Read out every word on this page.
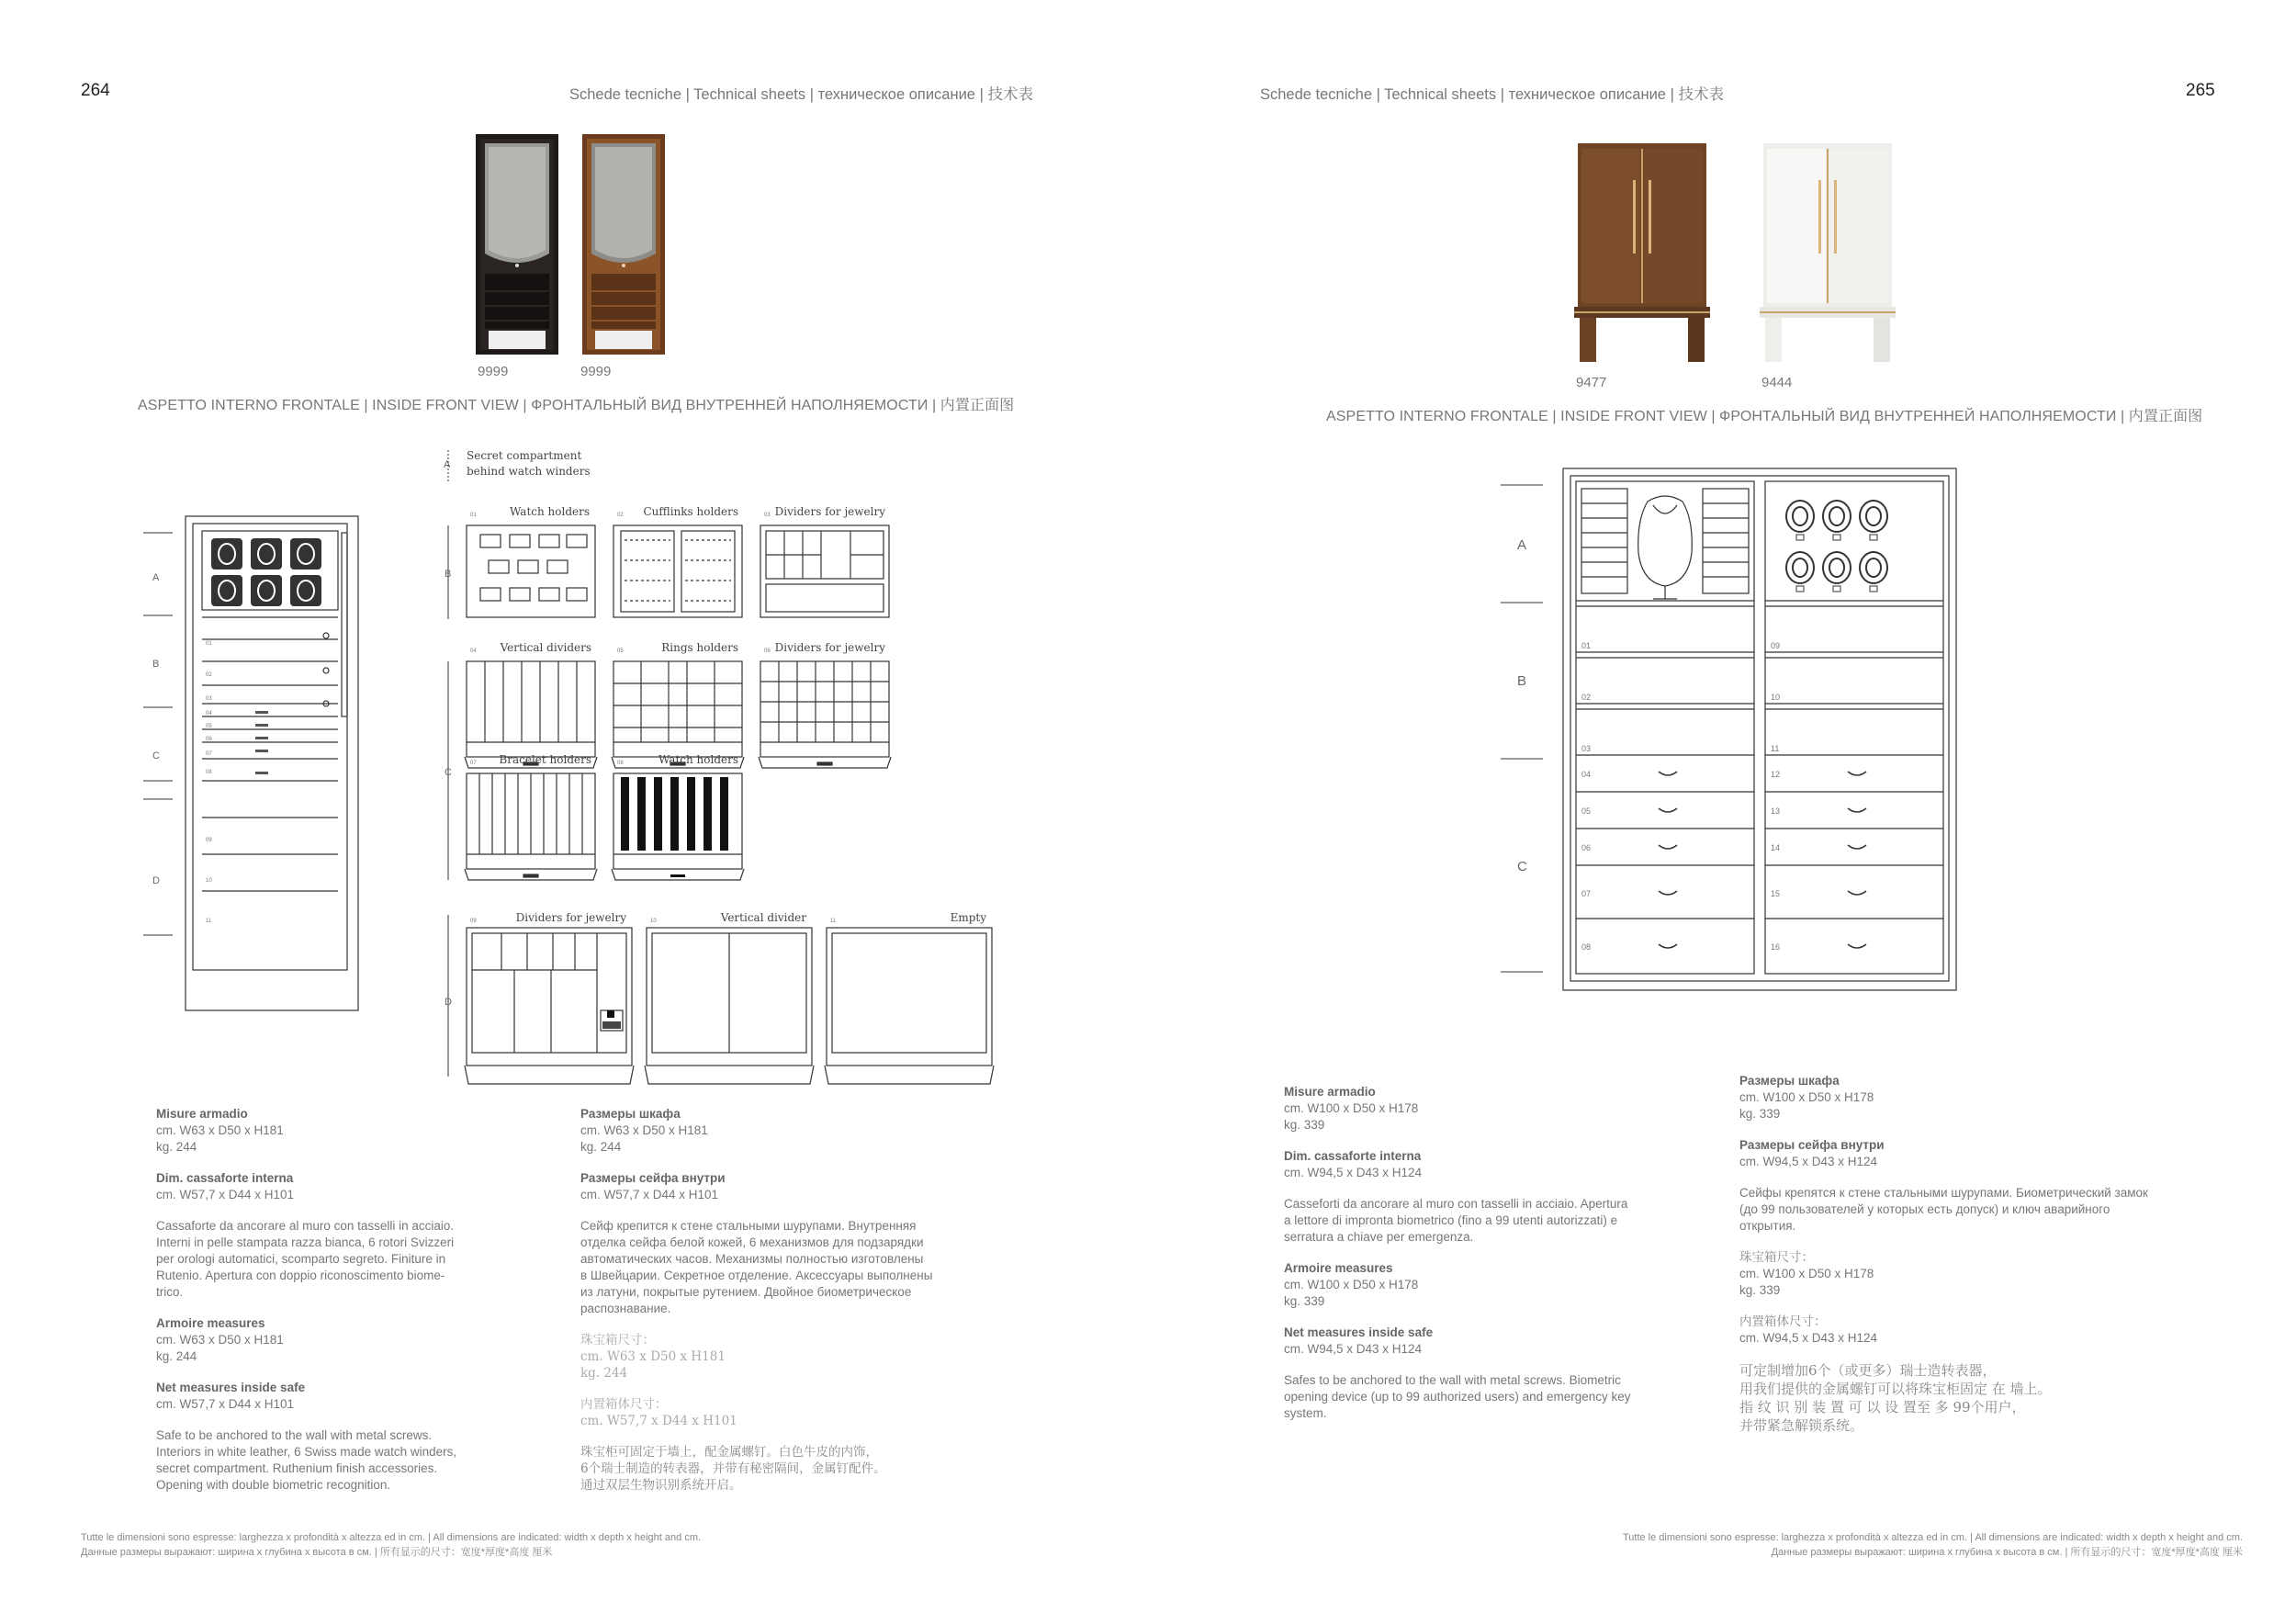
264	Schede tecniche | Technical sheets | техническое описание | 技术表
9999	9999
ASPETTO INTERNO FRONTALE | INSIDE FRONT VIEW | ФРОНТАЛЬНЫЙ ВИД ВНУТРЕННЕЙ НАПОЛНЯЕМОСТИ | 内置正面图
A
B
C
D
01
02
03
04
05
06
07
08
09
10
11
A
Secret compartment
behind watch winders
B
C
D
01	Watch holders	02 Cufflinks holders	03 Dividers for jewelry
04 Vertical dividers	05	Rings holders	06 Dividers for jewelry
07 Bracelet holders	08	Watch holders
09	Dividers for jewelry	10	Vertical divider	11	Empty
Misure armadio
cm. W63 x D50 x H181
kg. 244
Dim. cassaforte interna
cm. W57,7 x D44 x H101
Cassaforte da ancorare al muro con tasselli in acciaio.
Interni in pelle stampata razza bianca, 6 rotori Svizzeri
per orologi automatici, scomparto segreto. Finiture in
Rutenio. Apertura con doppio riconoscimento biome-
trico.
Armoire measures
cm. W63 x D50 x H181
kg. 244
Net measures inside safe
cm. W57,7 x D44 x H101
Safe to be anchored to the wall with metal screws.
Interiors in white leather, 6 Swiss made watch winders,
secret compartment. Ruthenium finish accessories.
Opening with double biometric recognition.
Размеры шкафа
cm. W63 x D50 x H181
kg. 244
Размеры сейфа внутри
cm. W57,7 x D44 x H101
Сейф крепится к стене стальными шурупами. Внутренняя
отделка сейфа белой кожей, 6 механизмов для подзарядки
автоматических часов. Механизмы полностью изготовлены
в Швейцарии. Секретное отделение. Аксессуары выполнены
из латуни, покрытые рутением. Двойное биометрическое
распознавание.
珠宝箱尺寸：
cm. W63 x D50 x H181
kg. 244
内置箱体尺寸：
cm. W57,7 x D44 x H101
珠宝柜可固定于墙上，配金属螺钉。白色牛皮的内饰，
6个瑞士制造的转表器，并带有秘密隔间，金属钉配件。
通过双层生物识别系统开启。
Tutte le dimensioni sono espresse: larghezza x profondità x altezza ed in cm. | All dimensions are indicated: width x depth x height and cm.
Данные размеры выражают: ширина x глубина x высота в см. | 所有显示的尺寸：宽度*厚度*高度 厘米
Schede tecniche | Technical sheets | техническое описание | 技术表	265
9477	9444
ASPETTO INTERNO FRONTALE | INSIDE FRONT VIEW | ФРОНТАЛЬНЫЙ ВИД ВНУТРЕННЕЙ НАПОЛНЯЕМОСТИ | 内置正面图
A
B
C
01
02
03
04
05
06
07
08
09
10
11
12
13
14
15
16
Misure armadio
cm. W100 x D50 x H178
kg. 339
Dim. cassaforte interna
cm. W94,5 x D43 x H124
Casseforti da ancorare al muro con tasselli in acciaio. Apertura
a lettore di impronta biometrico (fino a 99 utenti autorizzati) e
serratura a chiave per emergenza.
Armoire measures
cm. W100 x D50 x H178
kg. 339
Net measures inside safe
cm. W94,5 x D43 x H124
Safes to be anchored to the wall with metal screws. Biometric
opening device (up to 99 authorized users) and emergency key
system.
Размеры шкафа
cm. W100 x D50 x H178
kg. 339
Размеры сейфа внутри
cm. W94,5 x D43 x H124
Сейфы крепятся к стене стальными шурупами. Биометрический замок
(до 99 пользователей у которых есть допуск) и ключ аварийного
открытия.
珠宝箱尺寸：
cm. W100 x D50 x H178
kg. 339
内置箱体尺寸：
cm. W94,5 x D43 x H124
可定制增加6个（或更多）瑞士造转表器，
用我们提供的金属螺钉可以将珠宝柜固定 在 墙上。
指 纹 识 别 装 置 可 以 设 置至 多 99个用户，
并带紧急解锁系统。
Tutte le dimensioni sono espresse: larghezza x profondità x altezza ed in cm. | All dimensions are indicated: width x depth x height and cm.
Данные размеры выражают: ширина x глубина x высота в см. | 所有显示的尺寸：宽度*厚度*高度 厘米
